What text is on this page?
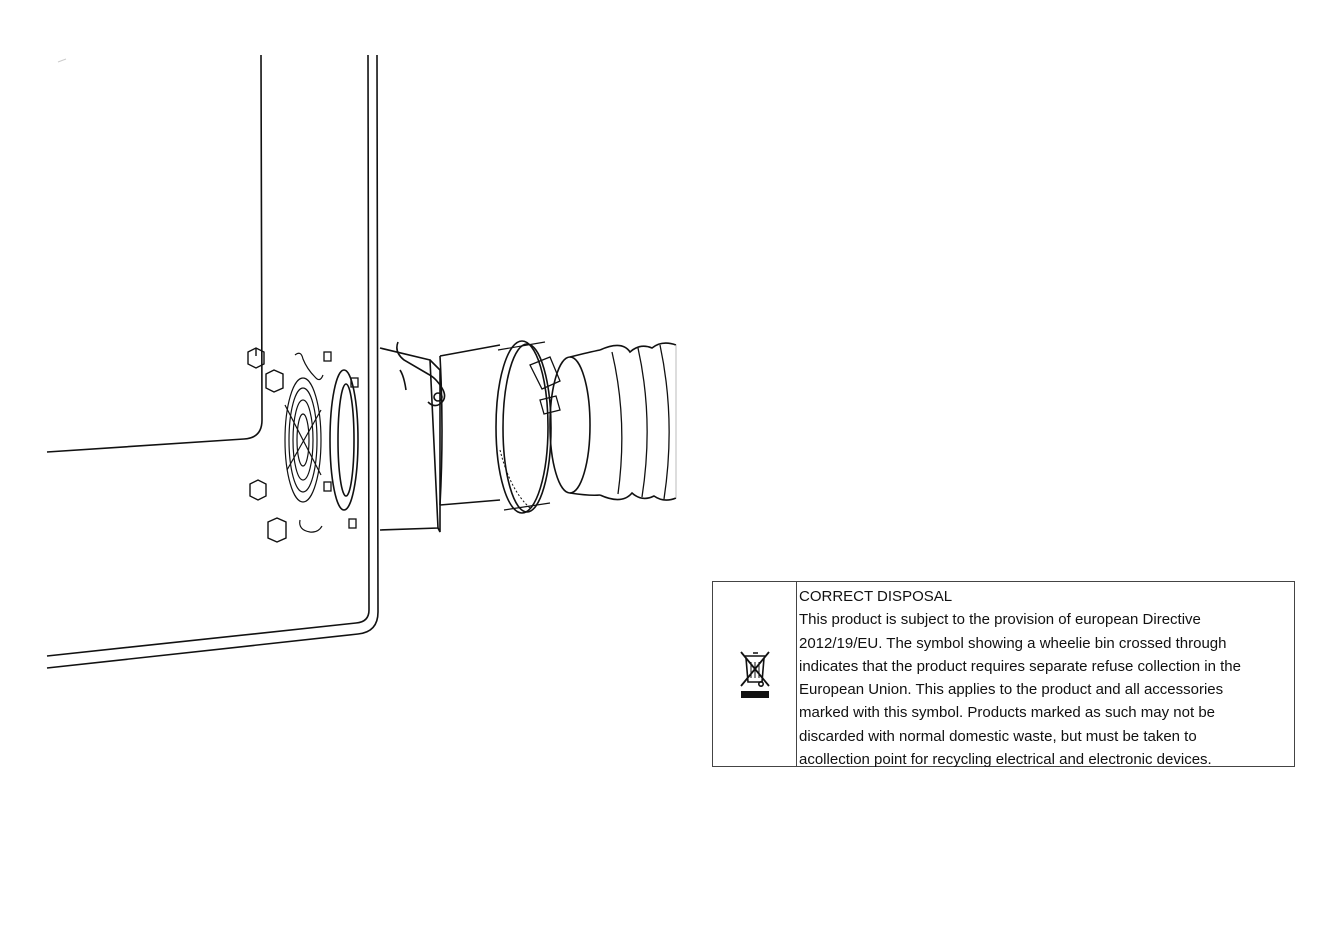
CORRECT DISPOSAL
This product is subject to the provision of european Directive
2012/19/EU. The symbol showing a wheelie bin crossed through
indicates that the product requires separate refuse collection in the
European Union. This applies to the product and all accessories
marked with this symbol. Products marked as such may not be
discarded with normal domestic waste, but must be taken to
acollection point for recycling electrical and electronic devices.
